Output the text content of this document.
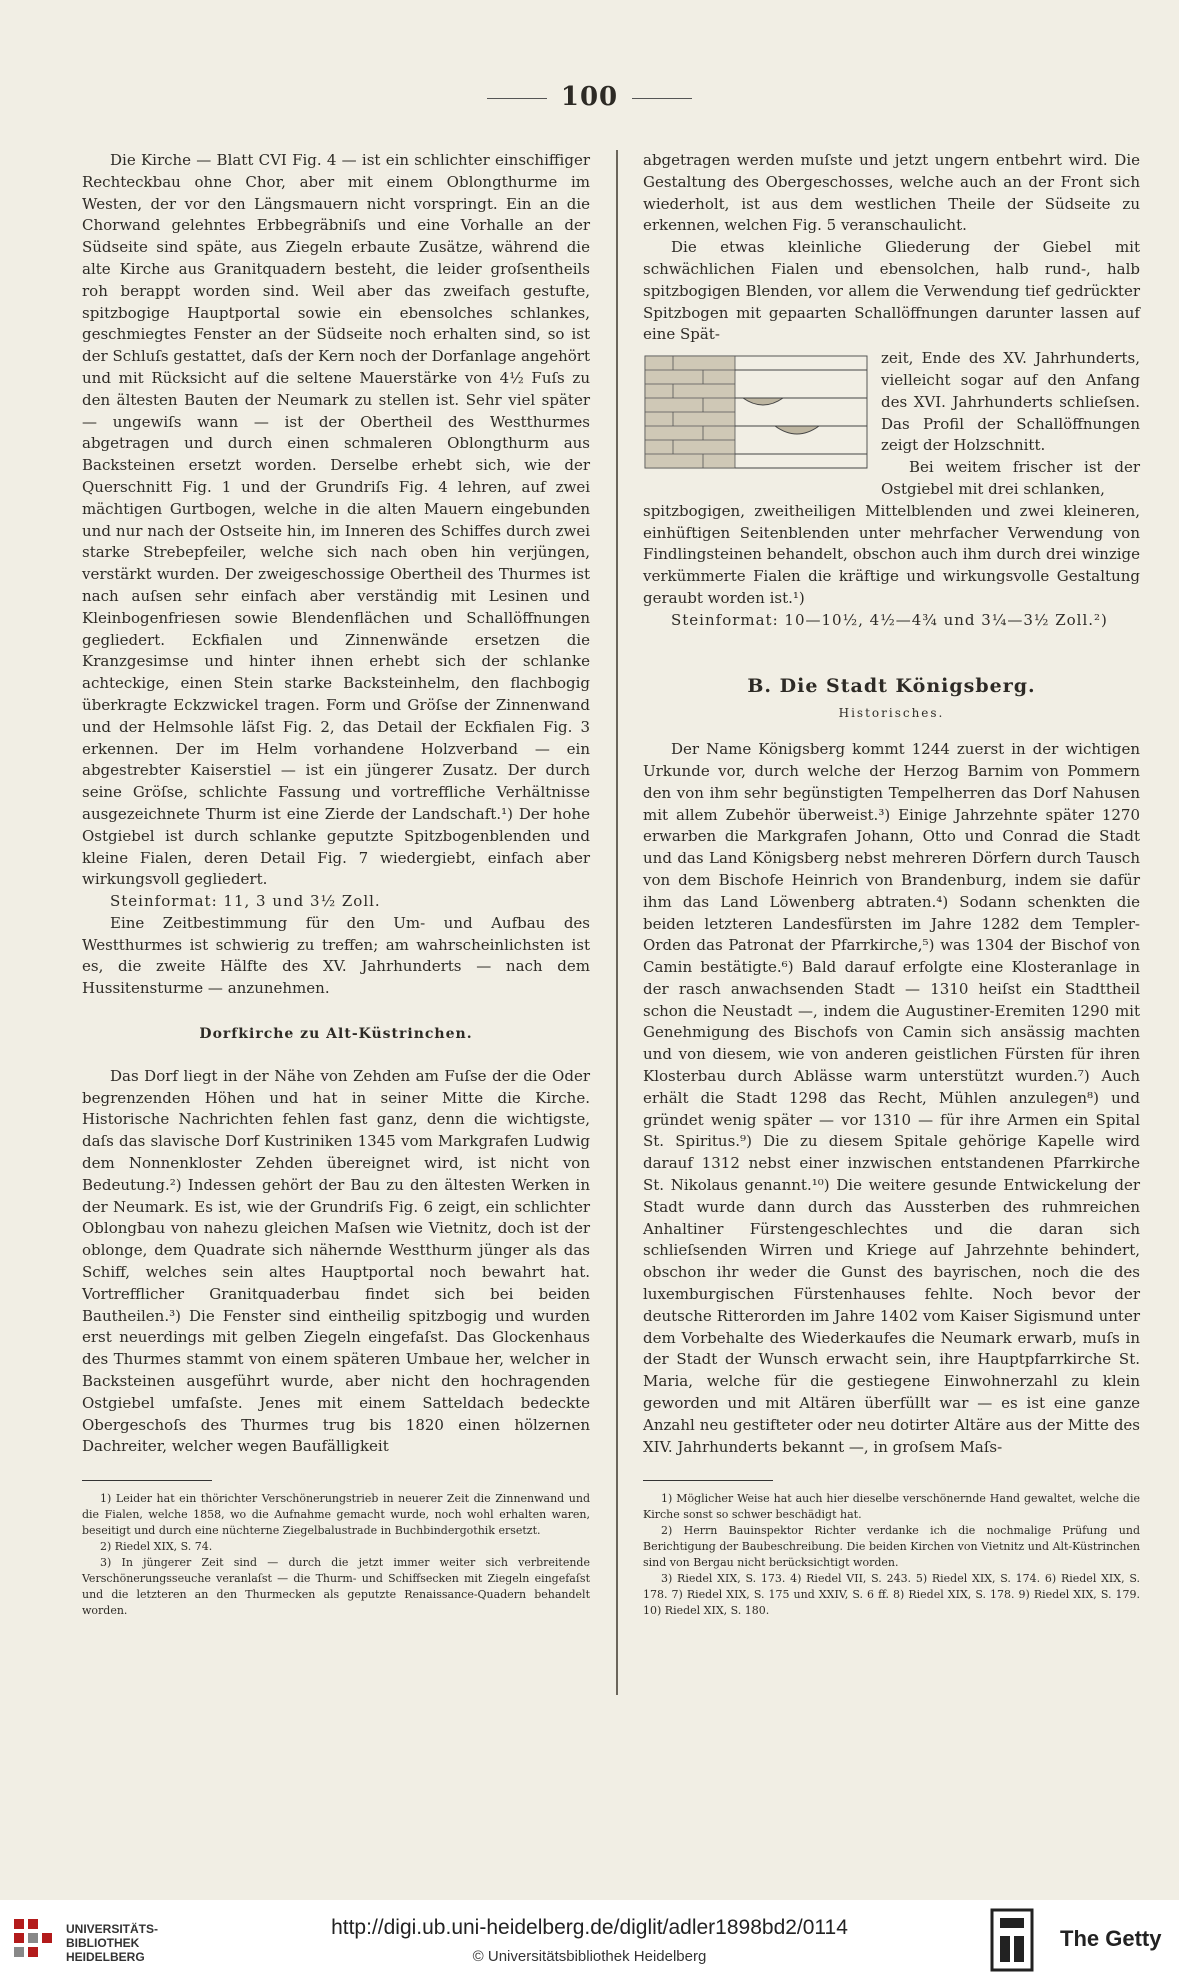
100

Die Kirche — Blatt CVI Fig. 4 — ist ein schlichter einschiffiger Rechteckbau ohne Chor, aber mit einem Oblongthurme im Westen, der vor den Längsmauern nicht vorspringt. Ein an die Chorwand gelehntes Erbbegräbniſs und eine Vorhalle an der Südseite sind späte, aus Ziegeln erbaute Zusätze, während die alte Kirche aus Granitquadern besteht, die leider groſsentheils roh berappt worden sind. Weil aber das zweifach gestufte, spitzbogige Hauptportal sowie ein ebensolches schlankes, geschmiegtes Fenster an der Südseite noch erhalten sind, so ist der Schluſs gestattet, daſs der Kern noch der Dorfanlage angehört und mit Rücksicht auf die seltene Mauerstärke von 4½ Fuſs zu den ältesten Bauten der Neumark zu stellen ist. Sehr viel später — ungewiſs wann — ist der Obertheil des Westthurmes abgetragen und durch einen schmaleren Oblongthurm aus Backsteinen ersetzt worden. Derselbe erhebt sich, wie der Querschnitt Fig. 1 und der Grundriſs Fig. 4 lehren, auf zwei mächtigen Gurtbogen, welche in die alten Mauern eingebunden und nur nach der Ostseite hin, im Inneren des Schiffes durch zwei starke Strebepfeiler, welche sich nach oben hin verjüngen, verstärkt wurden. Der zweigeschossige Obertheil des Thurmes ist nach auſsen sehr einfach aber verständig mit Lesinen und Kleinbogenfriesen sowie Blendenflächen und Schallöffnungen gegliedert. Eckfialen und Zinnenwände ersetzen die Kranzgesimse und hinter ihnen erhebt sich der schlanke achteckige, einen Stein starke Backsteinhelm, den flachbogig überkragte Eckzwickel tragen. Form und Gröſse der Zinnenwand und der Helmsohle läſst Fig. 2, das Detail der Eckfialen Fig. 3 erkennen. Der im Helm vorhandene Holzverband — ein abgestrebter Kaiserstiel — ist ein jüngerer Zusatz. Der durch seine Gröſse, schlichte Fassung und vortreffliche Verhältnisse ausgezeichnete Thurm ist eine Zierde der Landschaft.¹) Der hohe Ostgiebel ist durch schlanke geputzte Spitzbogenblenden und kleine Fialen, deren Detail Fig. 7 wiedergiebt, einfach aber wirkungsvoll gegliedert.

Steinformat: 11, 3 und 3½ Zoll.

Eine Zeitbestimmung für den Um- und Aufbau des Westthurmes ist schwierig zu treffen; am wahrscheinlichsten ist es, die zweite Hälfte des XV. Jahrhunderts — nach dem Hussitensturme — anzunehmen.

Dorfkirche zu Alt-Küstrinchen.

Das Dorf liegt in der Nähe von Zehden am Fuſse der die Oder begrenzenden Höhen und hat in seiner Mitte die Kirche. Historische Nachrichten fehlen fast ganz, denn die wichtigste, daſs das slavische Dorf Kustriniken 1345 vom Markgrafen Ludwig dem Nonnenkloster Zehden übereignet wird, ist nicht von Bedeutung.²) Indessen gehört der Bau zu den ältesten Werken in der Neumark. Es ist, wie der Grundriſs Fig. 6 zeigt, ein schlichter Oblongbau von nahezu gleichen Maſsen wie Vietnitz, doch ist der oblonge, dem Quadrate sich nähernde Westthurm jünger als das Schiff, welches sein altes Hauptportal noch bewahrt hat. Vortrefflicher Granitquaderbau findet sich bei beiden Bautheilen.³) Die Fenster sind eintheilig spitzbogig und wurden erst neuerdings mit gelben Ziegeln eingefaſst. Das Glockenhaus des Thurmes stammt von einem späteren Umbaue her, welcher in Backsteinen ausgeführt wurde, aber nicht den hochragenden Ostgiebel umfaſste. Jenes mit einem Satteldach bedeckte Obergeschoſs des Thurmes trug bis 1820 einen hölzernen Dachreiter, welcher wegen Baufälligkeit

1) Leider hat ein thörichter Verschönerungstrieb in neuerer Zeit die Zinnenwand und die Fialen, welche 1858, wo die Aufnahme gemacht wurde, noch wohl erhalten waren, beseitigt und durch eine nüchterne Ziegelbalustrade in Buchbindergothik ersetzt.

2) Riedel XIX, S. 74.

3) In jüngerer Zeit sind — durch die jetzt immer weiter sich verbreitende Verschönerungsseuche veranlaſst — die Thurm- und Schiffsecken mit Ziegeln eingefaſst und die letzteren an den Thurmecken als geputzte Renaissance-Quadern behandelt worden.

abgetragen werden muſste und jetzt ungern entbehrt wird. Die Gestaltung des Obergeschosses, welche auch an der Front sich wiederholt, ist aus dem westlichen Theile der Südseite zu erkennen, welchen Fig. 5 veranschaulicht.

Die etwas kleinliche Gliederung der Giebel mit schwächlichen Fialen und ebensolchen, halb rund-, halb spitzbogigen Blenden, vor allem die Verwendung tief gedrückter Spitzbogen mit gepaarten Schallöffnungen darunter lassen auf eine Spät-

zeit, Ende des XV. Jahrhunderts, vielleicht sogar auf den Anfang des XVI. Jahrhunderts schlieſsen. Das Profil der Schallöffnungen zeigt der Holzschnitt.

Bei weitem frischer ist der Ostgiebel mit drei schlanken,

spitzbogigen, zweitheiligen Mittelblenden und zwei kleineren, einhüftigen Seitenblenden unter mehrfacher Verwendung von Findlingsteinen behandelt, obschon auch ihm durch drei winzige verkümmerte Fialen die kräftige und wirkungsvolle Gestaltung geraubt worden ist.¹)

Steinformat: 10—10½, 4½—4¾ und 3¼—3½ Zoll.²)

B. Die Stadt Königsberg.
Historisches.

Der Name Königsberg kommt 1244 zuerst in der wichtigen Urkunde vor, durch welche der Herzog Barnim von Pommern den von ihm sehr begünstigten Tempelherren das Dorf Nahusen mit allem Zubehör überweist.³) Einige Jahrzehnte später 1270 erwarben die Markgrafen Johann, Otto und Conrad die Stadt und das Land Königsberg nebst mehreren Dörfern durch Tausch von dem Bischofe Heinrich von Brandenburg, indem sie dafür ihm das Land Löwenberg abtraten.⁴) Sodann schenkten die beiden letzteren Landesfürsten im Jahre 1282 dem Templer-Orden das Patronat der Pfarrkirche,⁵) was 1304 der Bischof von Camin bestätigte.⁶) Bald darauf erfolgte eine Klosteranlage in der rasch anwachsenden Stadt — 1310 heiſst ein Stadttheil schon die Neustadt —, indem die Augustiner-Eremiten 1290 mit Genehmigung des Bischofs von Camin sich ansässig machten und von diesem, wie von anderen geistlichen Fürsten für ihren Klosterbau durch Ablässe warm unterstützt wurden.⁷) Auch erhält die Stadt 1298 das Recht, Mühlen anzulegen⁸) und gründet wenig später — vor 1310 — für ihre Armen ein Spital St. Spiritus.⁹) Die zu diesem Spitale gehörige Kapelle wird darauf 1312 nebst einer inzwischen entstandenen Pfarrkirche St. Nikolaus genannt.¹⁰) Die weitere gesunde Entwickelung der Stadt wurde dann durch das Aussterben des ruhmreichen Anhaltiner Fürstengeschlechtes und die daran sich schlieſsenden Wirren und Kriege auf Jahrzehnte behindert, obschon ihr weder die Gunst des bayrischen, noch die des luxemburgischen Fürstenhauses fehlte. Noch bevor der deutsche Ritterorden im Jahre 1402 vom Kaiser Sigismund unter dem Vorbehalte des Wiederkaufes die Neumark erwarb, muſs in der Stadt der Wunsch erwacht sein, ihre Hauptpfarrkirche St. Maria, welche für die gestiegene Einwohnerzahl zu klein geworden und mit Altären überfüllt war — es ist eine ganze Anzahl neu gestifteter oder neu dotirter Altäre aus der Mitte des XIV. Jahrhunderts bekannt —, in groſsem Maſs-

1) Möglicher Weise hat auch hier dieselbe verschönernde Hand gewaltet, welche die Kirche sonst so schwer beschädigt hat.

2) Herrn Bauinspektor Richter verdanke ich die nochmalige Prüfung und Berichtigung der Baubeschreibung. Die beiden Kirchen von Vietnitz und Alt-Küstrinchen sind von Bergau nicht berücksichtigt worden.

3) Riedel XIX, S. 173. 4) Riedel VII, S. 243. 5) Riedel XIX, S. 174. 6) Riedel XIX, S. 178. 7) Riedel XIX, S. 175 und XXIV, S. 6 ff. 8) Riedel XIX, S. 178. 9) Riedel XIX, S. 179. 10) Riedel XIX, S. 180.

UNIVERSITÄTS-
BIBLIOTHEK
HEIDELBERG
http://digi.ub.uni-heidelberg.de/diglit/adler1898bd2/0114
© Universitätsbibliothek Heidelberg
The Getty
